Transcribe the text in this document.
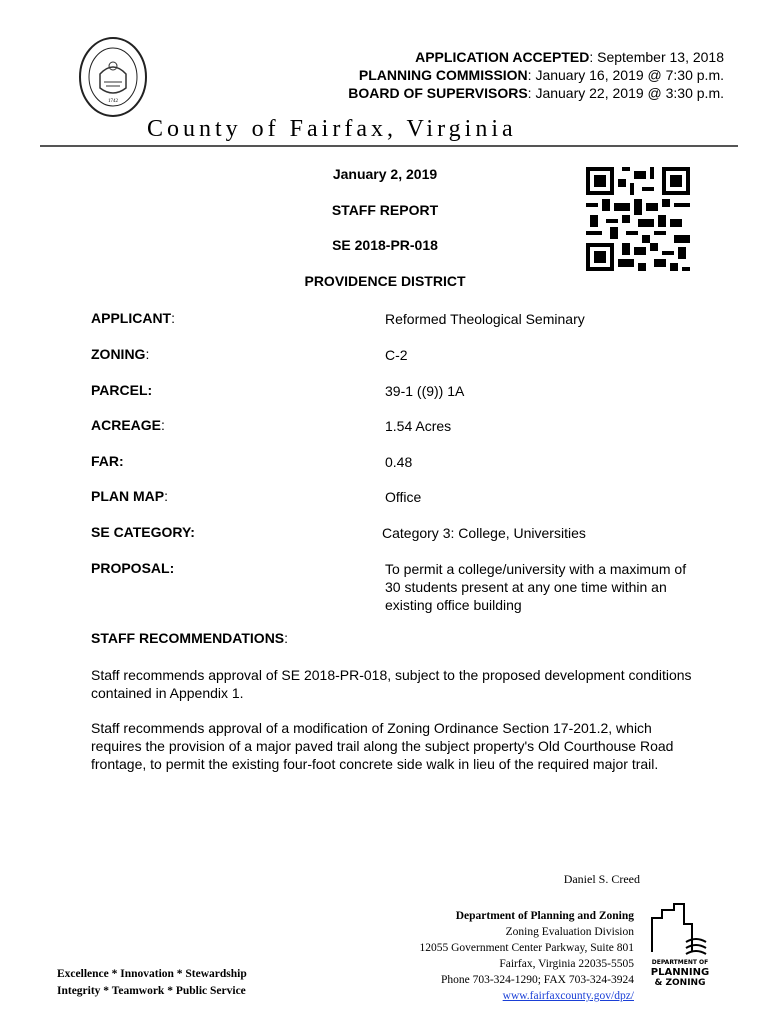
1742
APPLICATION ACCEPTED: September 13, 2018
PLANNING COMMISSION: January 16, 2019 @ 7:30 p.m.
BOARD OF SUPERVISORS: January 22, 2019 @ 3:30 p.m.
County of Fairfax, Virginia
January 2, 2019
STAFF REPORT
SE 2018-PR-018
PROVIDENCE DISTRICT
APPLICANT:	Reformed Theological Seminary
ZONING:	C-2
PARCEL:	39-1 ((9)) 1A
ACREAGE:	1.54 Acres
FAR:	0.48
PLAN MAP:	Office
SE CATEGORY:	Category 3: College, Universities
PROPOSAL:	To permit a college/university with a maximum of 30 students present at any one time within an existing office building
STAFF RECOMMENDATIONS:
Staff recommends approval of SE 2018-PR-018, subject to the proposed development conditions contained in Appendix 1.
Staff recommends approval of a modification of Zoning Ordinance Section 17-201.2, which requires the provision of a major paved trail along the subject property's Old Courthouse Road frontage, to permit the existing four-foot concrete side walk in lieu of the required major trail.
Daniel S. Creed
Department of Planning and Zoning
Zoning Evaluation Division
12055 Government Center Parkway, Suite 801
Fairfax, Virginia 22035-5505
Phone 703-324-1290; FAX 703-324-3924
www.fairfaxcounty.gov/dpz/
Excellence * Innovation * Stewardship
Integrity * Teamwork * Public Service
DEPARTMENT OF
PLANNING
& ZONING
